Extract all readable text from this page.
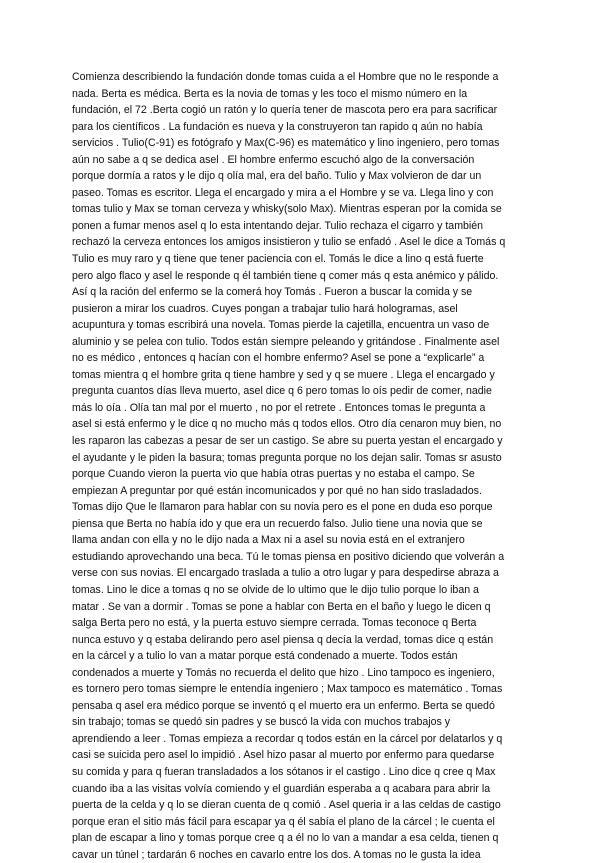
Comienza describiendo la fundación donde tomas cuida a el Hombre que no le responde a
nada. Berta es médica. Berta es la novia de tomas y les toco el mismo número en la
fundación, el 72 .Berta cogió un ratón y lo quería tener de mascota pero era para sacrificar
para los científicos . La fundación es nueva y la construyeron tan rapido q aún no había
servicios . Tulio(C-91) es fotógrafo y Max(C-96) es matemático y lino ingeniero, pero tomas
aún no sabe a q se dedica asel . El hombre enfermo escuchó algo de la conversación
porque dormía a ratos y le dijo q olía mal, era del baño. Tulio y Max volvieron de dar un
paseo. Tomas es escritor. Llega el encargado y mira a el Hombre y se va. Llega lino y con
tomas tulio y Max se toman cerveza y whisky(solo Max). Mientras esperan por la comida se
ponen a fumar menos asel q lo esta intentando dejar. Tulio rechaza el cigarro y también
rechazó la cerveza entonces los amigos insistieron y tulio se enfadó . Asel le dice a Tomás q
Tulio es muy raro y q tiene que tener paciencia con el. Tomás le dice a lino q está fuerte
pero algo flaco y asel le responde q él también tiene q comer más q esta anémico y pálido.
Así q la ración del enfermo se la comerá hoy Tomás . Fueron a buscar la comida y se
pusieron a mirar los cuadros. Cuyes pongan a trabajar tulio hará hologramas, asel
acupuntura y tomas escribirá una novela. Tomas pierde la cajetilla, encuentra un vaso de
aluminio y se pelea con tulio. Todos están siempre peleando y gritándose . Finalmente asel
no es médico , entonces q hacían con el hombre enfermo? Asel se pone a “explicarle” a
tomas mientra q el hombre grita q tiene hambre y sed y q se muere . Llega el encargado y
pregunta cuantos días lleva muerto, asel dice q 6 pero tomas lo oís pedir de comer, nadie
más lo oía . Olía tan mal por el muerto , no por el retrete . Entonces tomas le pregunta a
asel si está enfermo y le dice q no mucho más q todos ellos. Otro día cenaron muy bien, no
les raparon las cabezas a pesar de ser un castigo. Se abre su puerta yestan el encargado y
el ayudante y le piden la basura; tomas pregunta porque no los dejan salir. Tomas sr asusto
porque Cuando vieron la puerta vio que había otras puertas y no estaba el campo. Se
empiezan A preguntar por qué están incomunicados y por qué no han sido trasladados.
Tomas dijo Que le llamaron para hablar con su novia pero es el pone en duda eso porque
piensa que Berta no había ido y que era un recuerdo falso. Julio tiene una novia que se
llama andan con ella y no le dijo nada a Max ni a asel su novia está en el extranjero
estudiando aprovechando una beca. Tú le tomas piensa en positivo diciendo que volverán a
verse con sus novias. El encargado traslada a tulio a otro lugar y para despedirse abraza a
tomas. Lino le dice a tomas q no se olvide de lo ultimo que le dijo tulio porque lo iban a
matar . Se van a dormir . Tomas se pone a hablar con Berta en el baño y luego le dicen q
salga Berta pero no está, y la puerta estuvo siempre cerrada. Tomas teconoce q Berta
nunca estuvo y q estaba delirando pero asel piensa q decía la verdad, tomas dice q están
en la cárcel y a tulio lo van a matar porque está condenado a muerte. Todos están
condenados a muerte y Tomás no recuerda el delito que hizo . Lino tampoco es ingeniero,
es tornero pero tomas siempre le entendía ingeniero ; Max tampoco es matemático . Tomas
pensaba q asel era médico porque se inventó q el muerto era un enfermo. Berta se quedó
sin trabajo; tomas se quedó sin padres y se buscó la vida con muchos trabajos y
aprendiendo a leer . Tomas empieza a recordar q todos están en la cárcel por delatarlos y q
casi se suicida pero asel lo impidió . Asel hizo pasar al muerto por enfermo para quedarse
su comida y para q fueran transladados a los sótanos ir el castigo . Lino dice q cree q Max
cuando iba a las visitas volvía comiendo y el guardián esperaba a q acabara para abrir la
puerta de la celda y q lo se dieran cuenta de q comió . Asel queria ir a las celdas de castigo
porque eran el sitio más fácil para escapar ya q él sabía el plano de la cárcel ; le cuenta el
plan de escapar a lino y tomas porque cree q a él no lo van a mandar a esa celda, tienen q
cavar un túnel ; tardarán 6 noches en cavarlo entre los dos. A tomas no le gusta la idea
